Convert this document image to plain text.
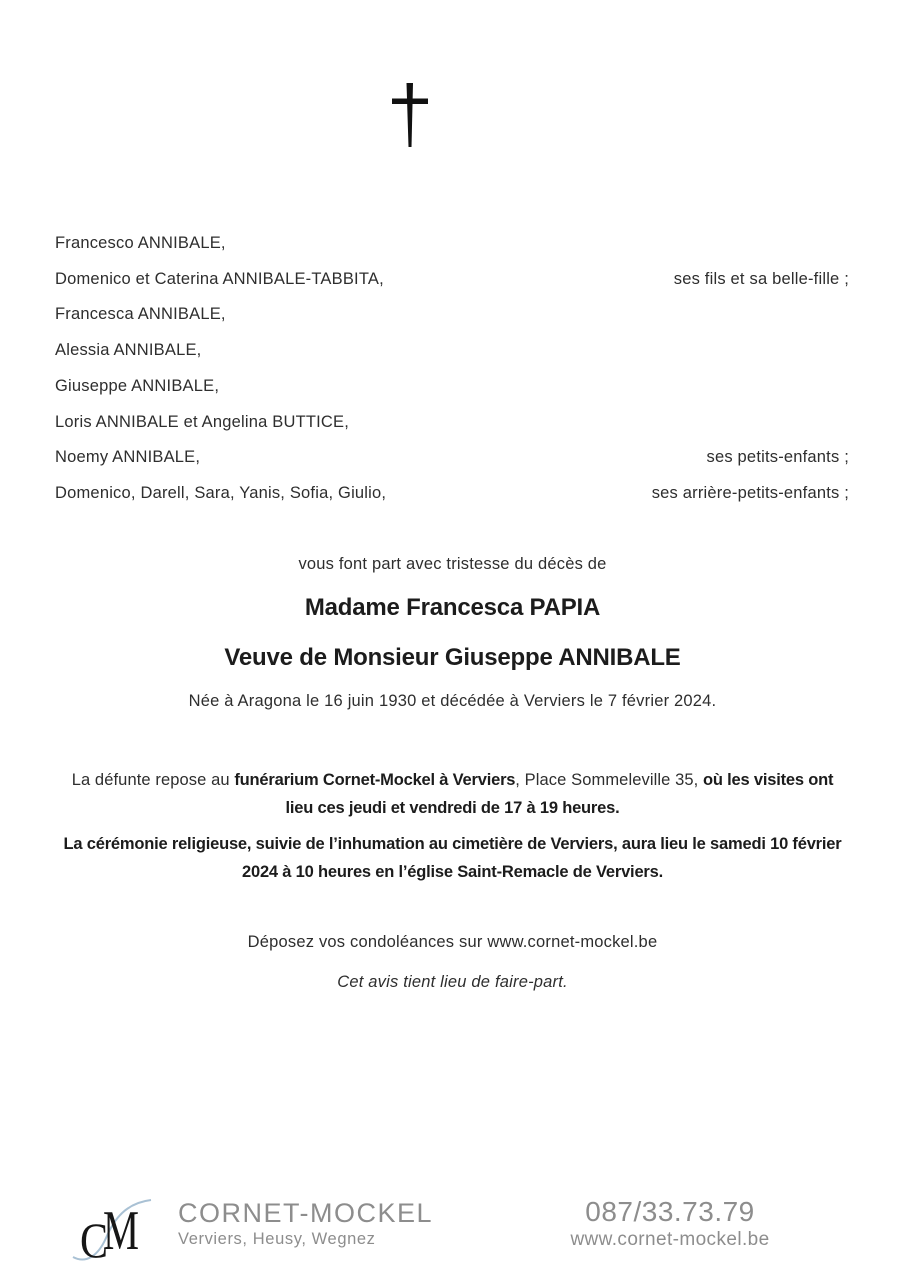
Francesco ANNIBALE,
Domenico et Caterina ANNIBALE-TABBITA,	ses fils et sa belle-fille ;
Francesca ANNIBALE,
Alessia ANNIBALE,
Giuseppe ANNIBALE,
Loris ANNIBALE et Angelina BUTTICE,
Noemy ANNIBALE,	ses petits-enfants ;
Domenico, Darell, Sara, Yanis, Sofia, Giulio,	ses arrière-petits-enfants ;
vous font part avec tristesse du décès de
Madame Francesca PAPIA
Veuve de Monsieur Giuseppe ANNIBALE
Née à Aragona le 16 juin 1930 et décédée à Verviers le 7 février 2024.
La défunte repose au funérarium Cornet-Mockel à Verviers, Place Sommeleville 35, où les visites ont lieu ces jeudi et vendredi de 17 à 19 heures.
La cérémonie religieuse, suivie de l’inhumation au cimetière de Verviers, aura lieu le samedi 10 février 2024 à 10 heures en l’église Saint-Remacle de Verviers.
Déposez vos condoléances sur www.cornet-mockel.be
Cet avis tient lieu de faire-part.
C
M CORNET-MOCKEL
Verviers, Heusy, Wegnez
087/33.73.79
www.cornet-mockel.be
